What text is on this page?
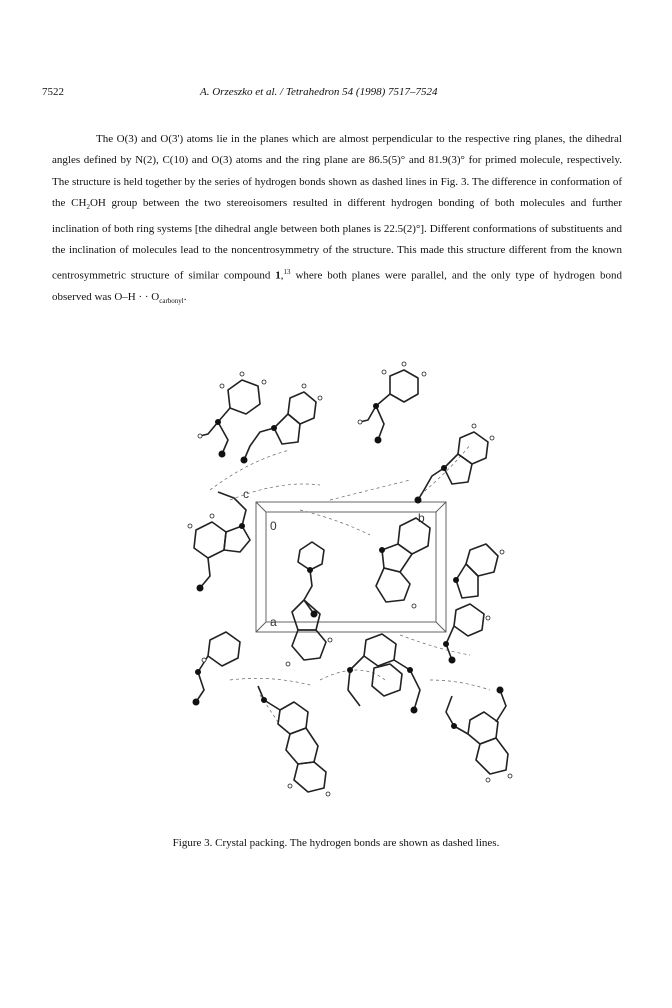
7522	A. Orzeszko et al. / Tetrahedron 54 (1998) 7517–7524

The O(3) and O(3') atoms lie in the planes which are almost perpendicular to the respective ring planes, the dihedral angles defined by N(2), C(10) and O(3) atoms and the ring plane are 86.5(5)° and 81.9(3)° for primed molecule, respectively. The structure is held together by the series of hydrogen bonds shown as dashed lines in Fig. 3. The difference in conformation of the $CH_2OH$ group between the two stereoisomers resulted in different hydrogen bonding of both molecules and further inclination of both ring systems [the dihedral angle between both planes is 22.5(2)°]. Different conformations of substituents and the inclination of molecules lead to the noncentrosymmetry of the structure. This made this structure different from the known centrosymmetric structure of similar compound 1,13 where both planes were parallel, and the only type of hydrogen bond observed was O–H · · $O_{carbonyl}$.

c
0
b
a
Figure 3. Crystal packing. The hydrogen bonds are shown as dashed lines.
